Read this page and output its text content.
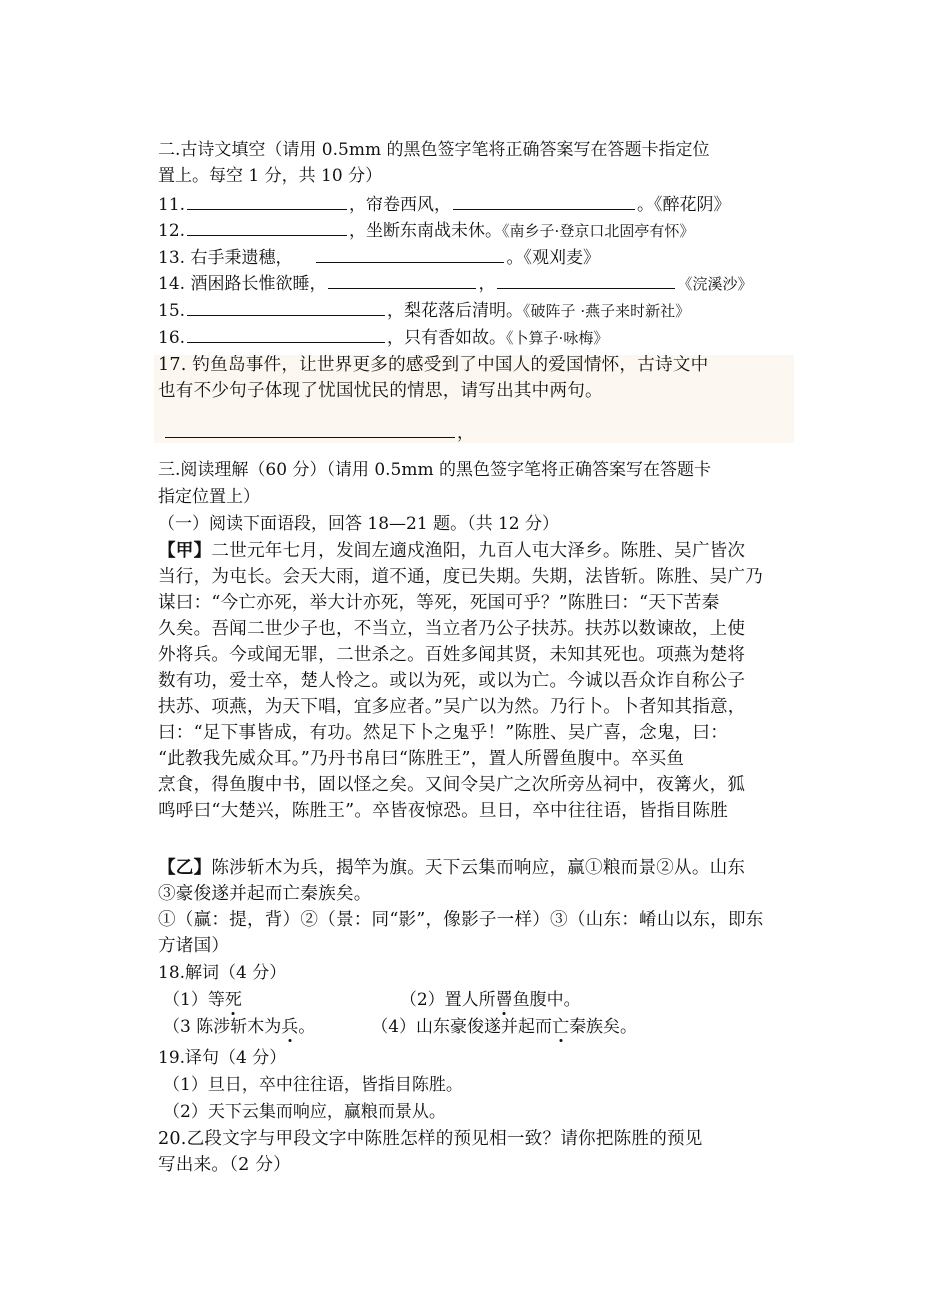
二.古诗文填空（请用 0.5mm 的黑色签字笔将正确答案写在答题卡指定位
置上。每空 1 分，共 10 分）
11.	，帘卷西风，	。《醉花阴》
12.	，坐断东南战未休。《南乡子·登京口北固亭有怀》
13. 右手秉遗穗，	。《观刈麦》
14. 酒困路长惟欲睡，	，	《浣溪沙》
15.	，梨花落后清明。《破阵子 ·燕子来时新社》
16.	，只有香如故。《卜算子·咏梅》
17. 钓鱼岛事件，让世界更多的感受到了中国人的爱国情怀，古诗文中
也有不少句子体现了忧国忧民的情思，请写出其中两句。
，
三.阅读理解（60 分）（请用 0.5mm 的黑色签字笔将正确答案写在答题卡
指定位置上）
（一）阅读下面语段，回答 18—21 题。（共 12 分）
【甲】二世元年七月，发闾左適戍渔阳，九百人屯大泽乡。陈胜、吴广皆次
当行，为屯长。会天大雨，道不通，度已失期。失期，法皆斩。陈胜、吴广乃
谋曰：“今亡亦死，举大计亦死，等死，死国可乎？”陈胜曰：“天下苦秦
久矣。吾闻二世少子也，不当立，当立者乃公子扶苏。扶苏以数谏故，上使
外将兵。今或闻无罪，二世杀之。百姓多闻其贤，未知其死也。项燕为楚将
数有功，爱士卒，楚人怜之。或以为死，或以为亡。今诚以吾众诈自称公子
扶苏、项燕，为天下唱，宜多应者。”吴广以为然。乃行卜。卜者知其指意，
曰：“足下事皆成，有功。然足下卜之鬼乎！”陈胜、吴广喜，念鬼，曰：
“此教我先威众耳。”乃丹书帛曰“陈胜王”，置人所罾鱼腹中。卒买鱼
烹食，得鱼腹中书，固以怪之矣。又间令吴广之次所旁丛祠中，夜篝火，狐
鸣呼曰“大楚兴，陈胜王”。卒皆夜惊恐。旦日，卒中往往语，皆指目陈胜
【乙】陈涉斩木为兵，揭竿为旗。天下云集而响应，赢①粮而景②从。山东
③豪俊遂并起而亡秦族矣。
①（赢：提，背）②（景：同“影”，像影子一样）③（山东：崤山以东，即东
方诸国）
18.解词（4 分）
（1）等死	（2）置人所罾鱼腹中。
（3 陈涉斩木为兵。	（4）山东豪俊遂并起而亡秦族矣。
19.译句（4 分）
（1）旦日，卒中往往语，皆指目陈胜。
（2）天下云集而响应，赢粮而景从。
20.乙段文字与甲段文字中陈胜怎样的预见相一致？请你把陈胜的预见
写出来。（2 分）
